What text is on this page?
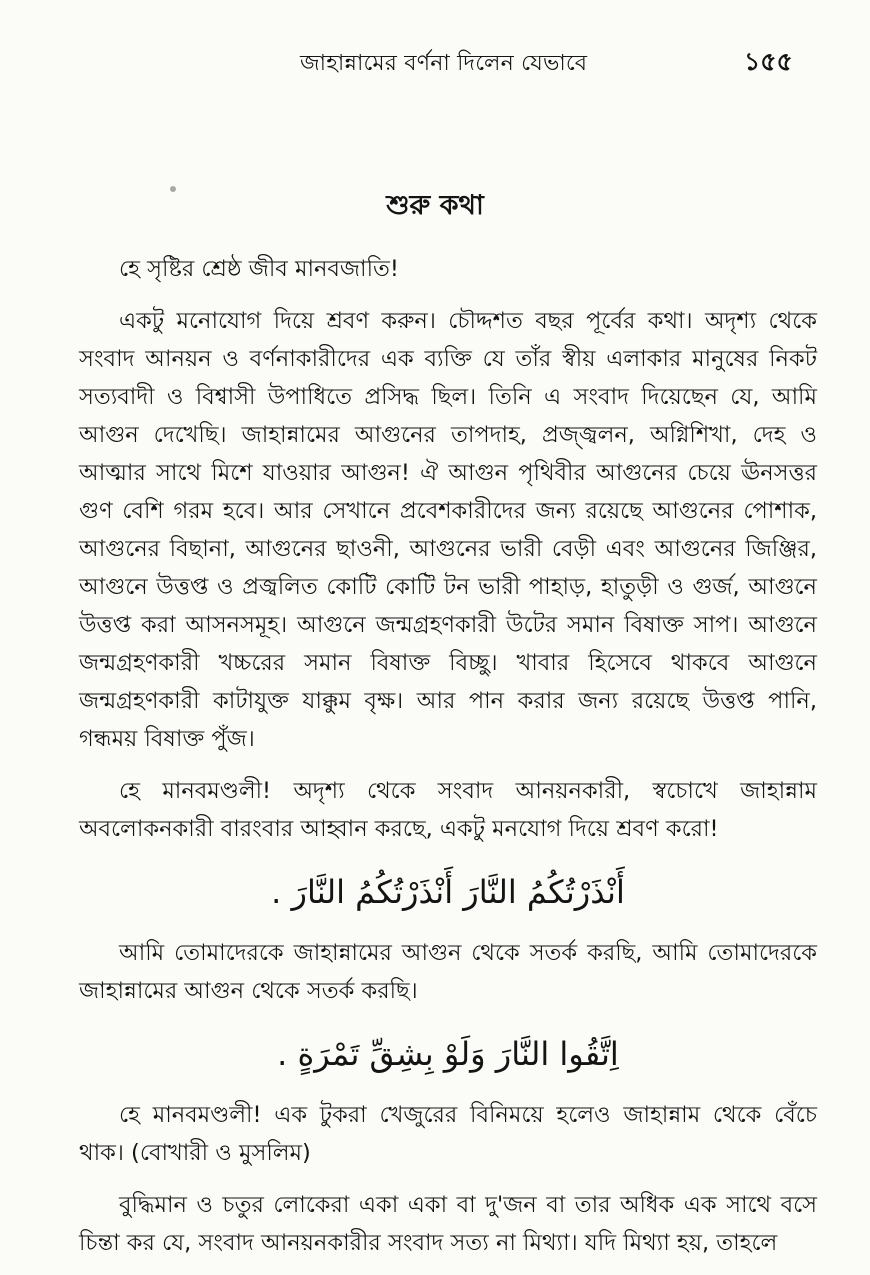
জাহান্নামের বর্ণনা দিলেন যেভাবে	১৫৫
শুরু কথা

হে সৃষ্টির শ্রেষ্ঠ জীব মানবজাতি!

একটু মনোযোগ দিয়ে শ্রবণ করুন। চৌদ্দশত বছর পূর্বের কথা। অদৃশ্য থেকে সংবাদ আনয়ন ও বর্ণনাকারীদের এক ব্যক্তি যে তাঁর স্বীয় এলাকার মানুষের নিকট সত্যবাদী ও বিশ্বাসী উপাধিতে প্রসিদ্ধ ছিল। তিনি এ সংবাদ দিয়েছেন যে, আমি আগুন দেখেছি। জাহান্নামের আগুনের তাপদাহ, প্রজ্জ্বলন, অগ্নিশিখা, দেহ ও আত্মার সাথে মিশে যাওয়ার আগুন! ঐ আগুন পৃথিবীর আগুনের চেয়ে ঊনসত্তর গুণ বেশি গরম হবে। আর সেখানে প্রবেশকারীদের জন্য রয়েছে আগুনের পোশাক, আগুনের বিছানা, আগুনের ছাওনী, আগুনের ভারী বেড়ী এবং আগুনের জিঞ্জির, আগুনে উত্তপ্ত ও প্রজ্বলিত কোটি কোটি টন ভারী পাহাড়, হাতুড়ী ও গুর্জ, আগুনে উত্তপ্ত করা আসনসমূহ। আগুনে জন্মগ্রহণকারী উটের সমান বিষাক্ত সাপ। আগুনে জন্মগ্রহণকারী খচ্চরের সমান বিষাক্ত বিচ্ছু। খাবার হিসেবে থাকবে আগুনে জন্মগ্রহণকারী কাটাযুক্ত যাক্কুম বৃক্ষ। আর পান করার জন্য রয়েছে উত্তপ্ত পানি, গন্ধময় বিষাক্ত পুঁজ।

হে মানবমণ্ডলী! অদৃশ্য থেকে সংবাদ আনয়নকারী, স্বচোখে জাহান্নাম অবলোকনকারী বারংবার আহ্বান করছে, একটু মনযোগ দিয়ে শ্রবণ করো!

أَنْذَرْتُكُمُ النَّارَ أَنْذَرْتُكُمُ النَّارَ .

আমি তোমাদেরকে জাহান্নামের আগুন থেকে সতর্ক করছি, আমি তোমাদেরকে জাহান্নামের আগুন থেকে সতর্ক করছি।

اِتَّقُوا النَّارَ وَلَوْ بِشِقِّ تَمْرَةٍ .

হে মানবমণ্ডলী! এক টুকরা খেজুরের বিনিময়ে হলেও জাহান্নাম থেকে বেঁচে থাক। (বোখারী ও মুসলিম)

বুদ্ধিমান ও চতুর লোকেরা একা একা বা দু'জন বা তার অধিক এক সাথে বসে চিন্তা কর যে, সংবাদ আনয়নকারীর সংবাদ সত্য না মিথ্যা। যদি মিথ্যা হয়, তাহলে
